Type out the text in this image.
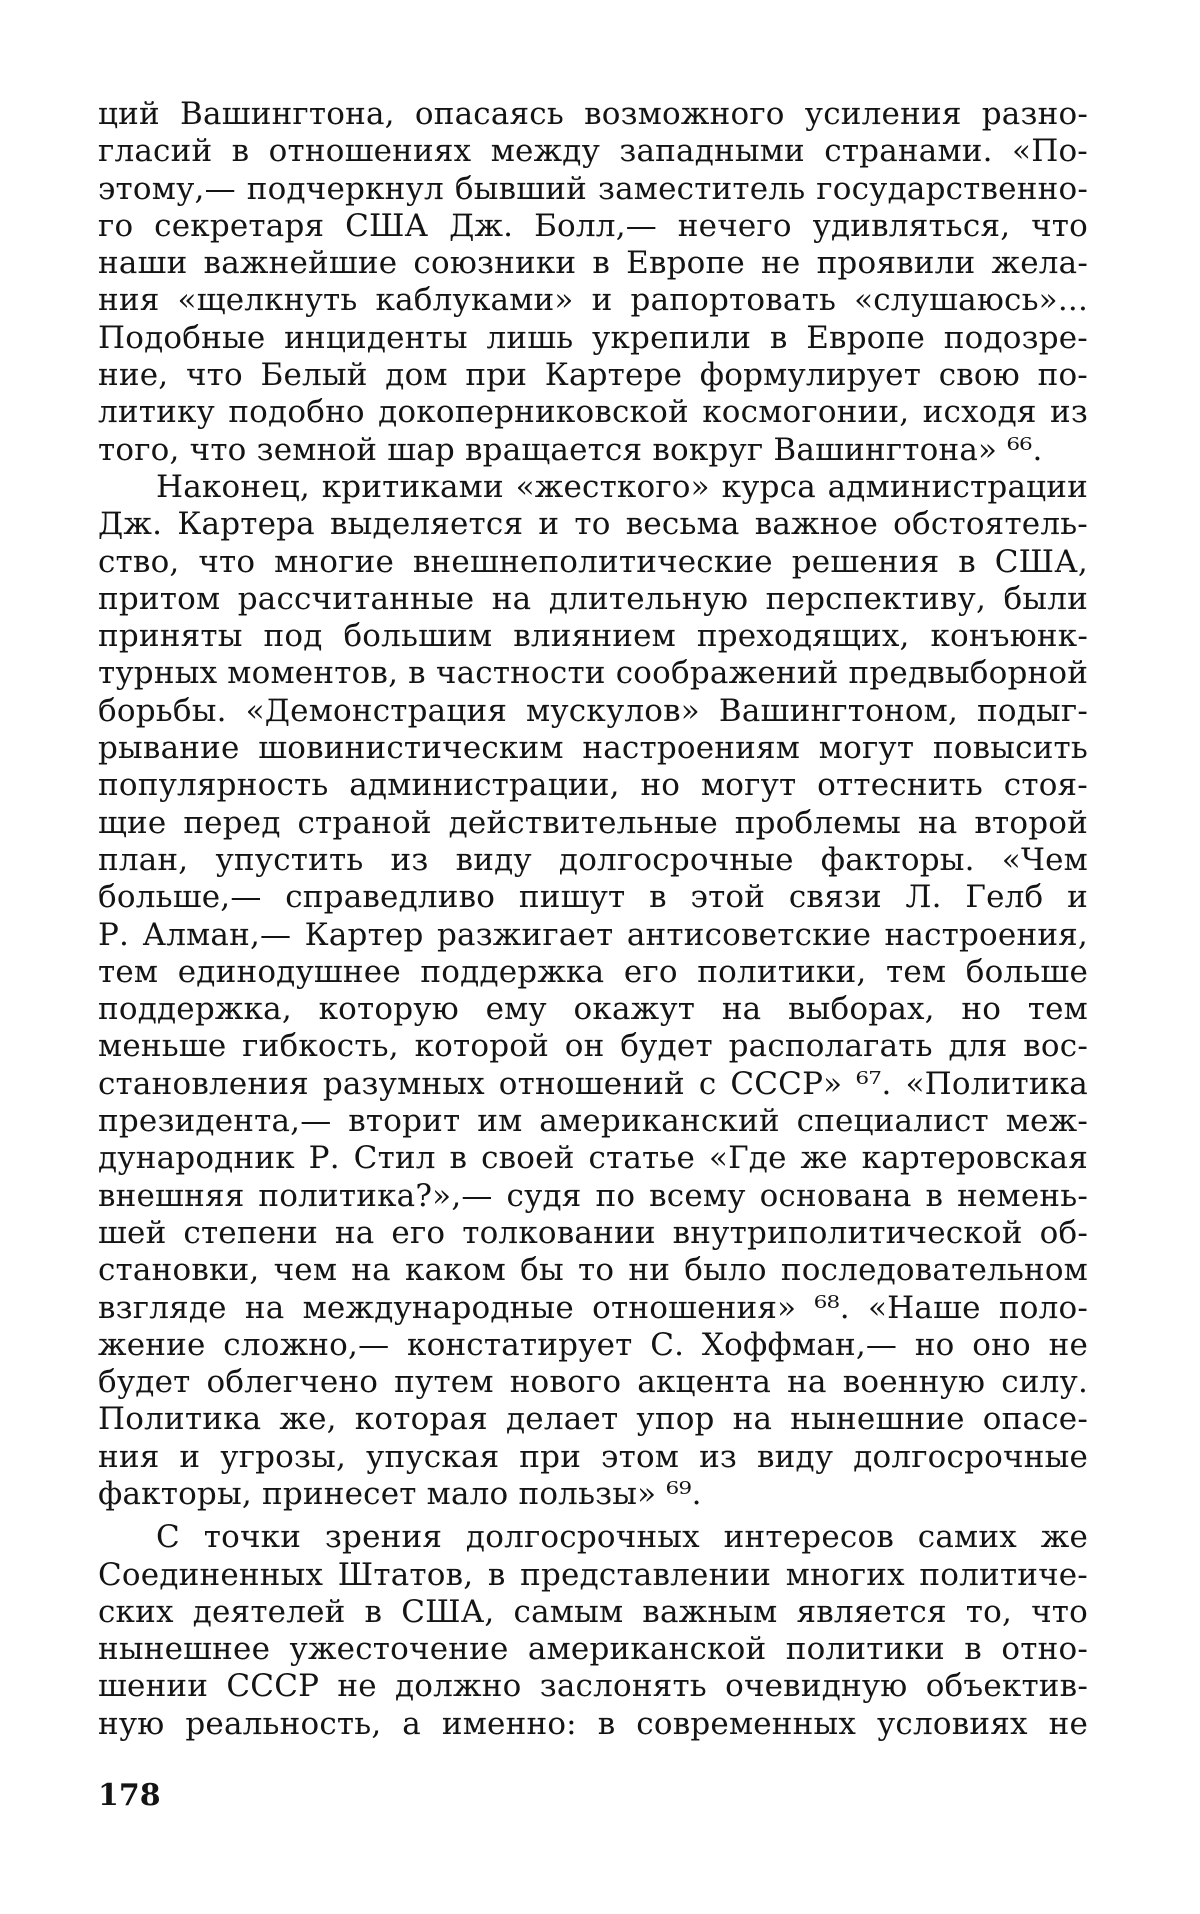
ций Вашингтона, опасаясь возможного усиления разно-
гласий в отношениях между западными странами. «По-
этому,— подчеркнул бывший заместитель государственно-
го секретаря США Дж. Болл,— нечего удивляться, что
наши важнейшие союзники в Европе не проявили жела-
ния «щелкнуть каблуками» и рапортовать «слушаюсь»...
Подобные инциденты лишь укрепили в Европе подозре-
ние, что Белый дом при Картере формулирует свою по-
литику подобно докоперниковской космогонии, исходя из
того, что земной шар вращается вокруг Вашингтона» ⁶⁶.
Наконец, критиками «жесткого» курса администрации
Дж. Картера выделяется и то весьма важное обстоятель-
ство, что многие внешнеполитические решения в США,
притом рассчитанные на длительную перспективу, были
приняты под большим влиянием преходящих, конъюнк-
турных моментов, в частности соображений предвыборной
борьбы. «Демонстрация мускулов» Вашингтоном, подыг-
рывание шовинистическим настроениям могут повысить
популярность администрации, но могут оттеснить стоя-
щие перед страной действительные проблемы на второй
план, упустить из виду долгосрочные факторы. «Чем
больше,— справедливо пишут в этой связи Л. Гелб и
Р. Алман,— Картер разжигает антисоветские настроения,
тем единодушнее поддержка его политики, тем больше
поддержка, которую ему окажут на выборах, но тем
меньше гибкость, которой он будет располагать для вос-
становления разумных отношений с СССР» ⁶⁷. «Политика
президента,— вторит им американский специалист меж-
дународник Р. Стил в своей статье «Где же картеровская
внешняя политика?»,— судя по всему основана в немень-
шей степени на его толковании внутриполитической об-
становки, чем на каком бы то ни было последовательном
взгляде на международные отношения» ⁶⁸. «Наше поло-
жение сложно,— констатирует С. Хоффман,— но оно не
будет облегчено путем нового акцента на военную силу.
Политика же, которая делает упор на нынешние опасе-
ния и угрозы, упуская при этом из виду долгосрочные
факторы, принесет мало пользы» ⁶⁹.
С точки зрения долгосрочных интересов самих же
Соединенных Штатов, в представлении многих политиче-
ских деятелей в США, самым важным является то, что
нынешнее ужесточение американской политики в отно-
шении СССР не должно заслонять очевидную объектив-
ную реальность, а именно: в современных условиях не
178
